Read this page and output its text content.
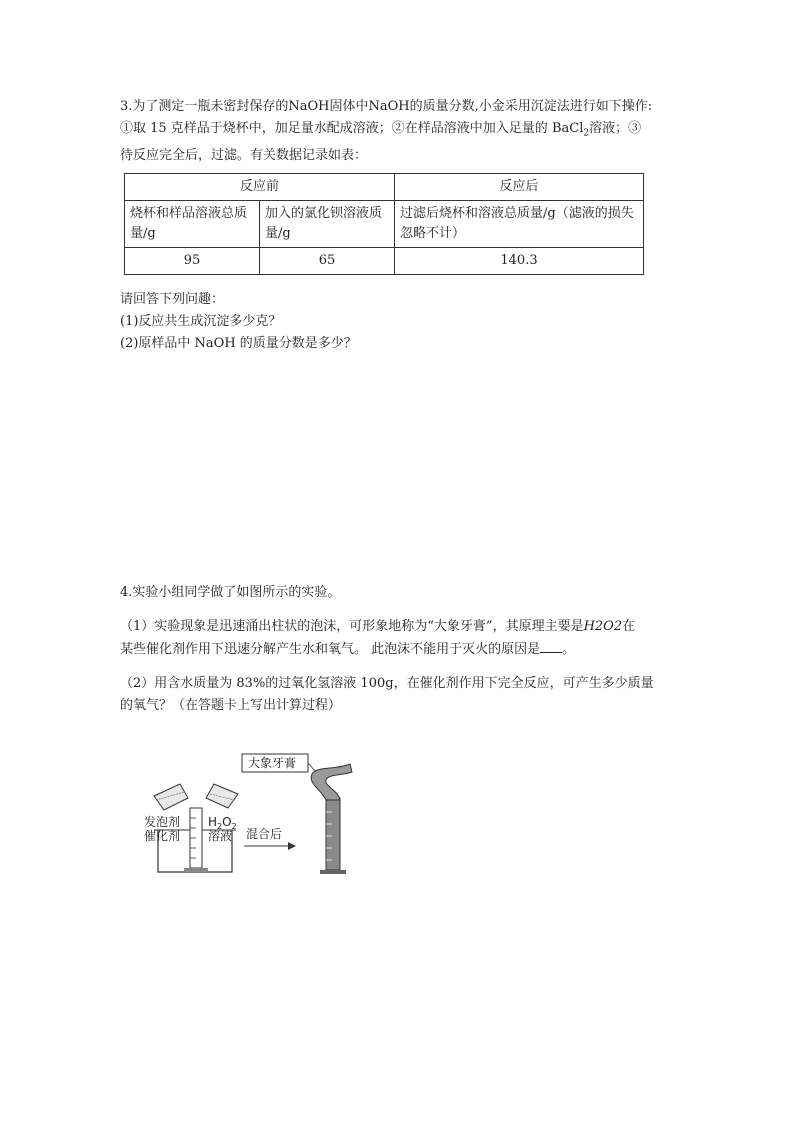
3.为了测定一瓶未密封保存的NaOH固体中NaOH的质量分数,小金采用沉淀法进行如下操作:
①取 15 克样品于烧杯中，加足量水配成溶液；②在样品溶液中加入足量的 BaCl$_2$溶液；③
待反应完全后，过滤。有关数据记录如表：
反应前		反应后
烧杯和样品溶液总质量/g	加入的氯化钡溶液质量/g	过滤后烧杯和溶液总质量/g（滤液的损失忽略不计）
95	65	140.3
请回答下列问趣：
(1)反应共生成沉淀多少克？
(2)原样品中 NaOH 的质量分数是多少？
4.实验小组同学做了如图所示的实验。
（1）实验现象是迅速涌出柱状的泡沫，可形象地称为“大象牙膏”，其原理主要是H2O2在
某些催化剂作用下迅速分解产生水和氧气。 此泡沫不能用于灭火的原因是 。
（2）用含水质量为 83%的过氧化氢溶液 100g，在催化剂作用下完全反应，可产生多少质量
的氧气？（在答题卡上写出计算过程）
发泡剂
催化剂
$H_2O_2$
溶液 混合后
大象牙膏
